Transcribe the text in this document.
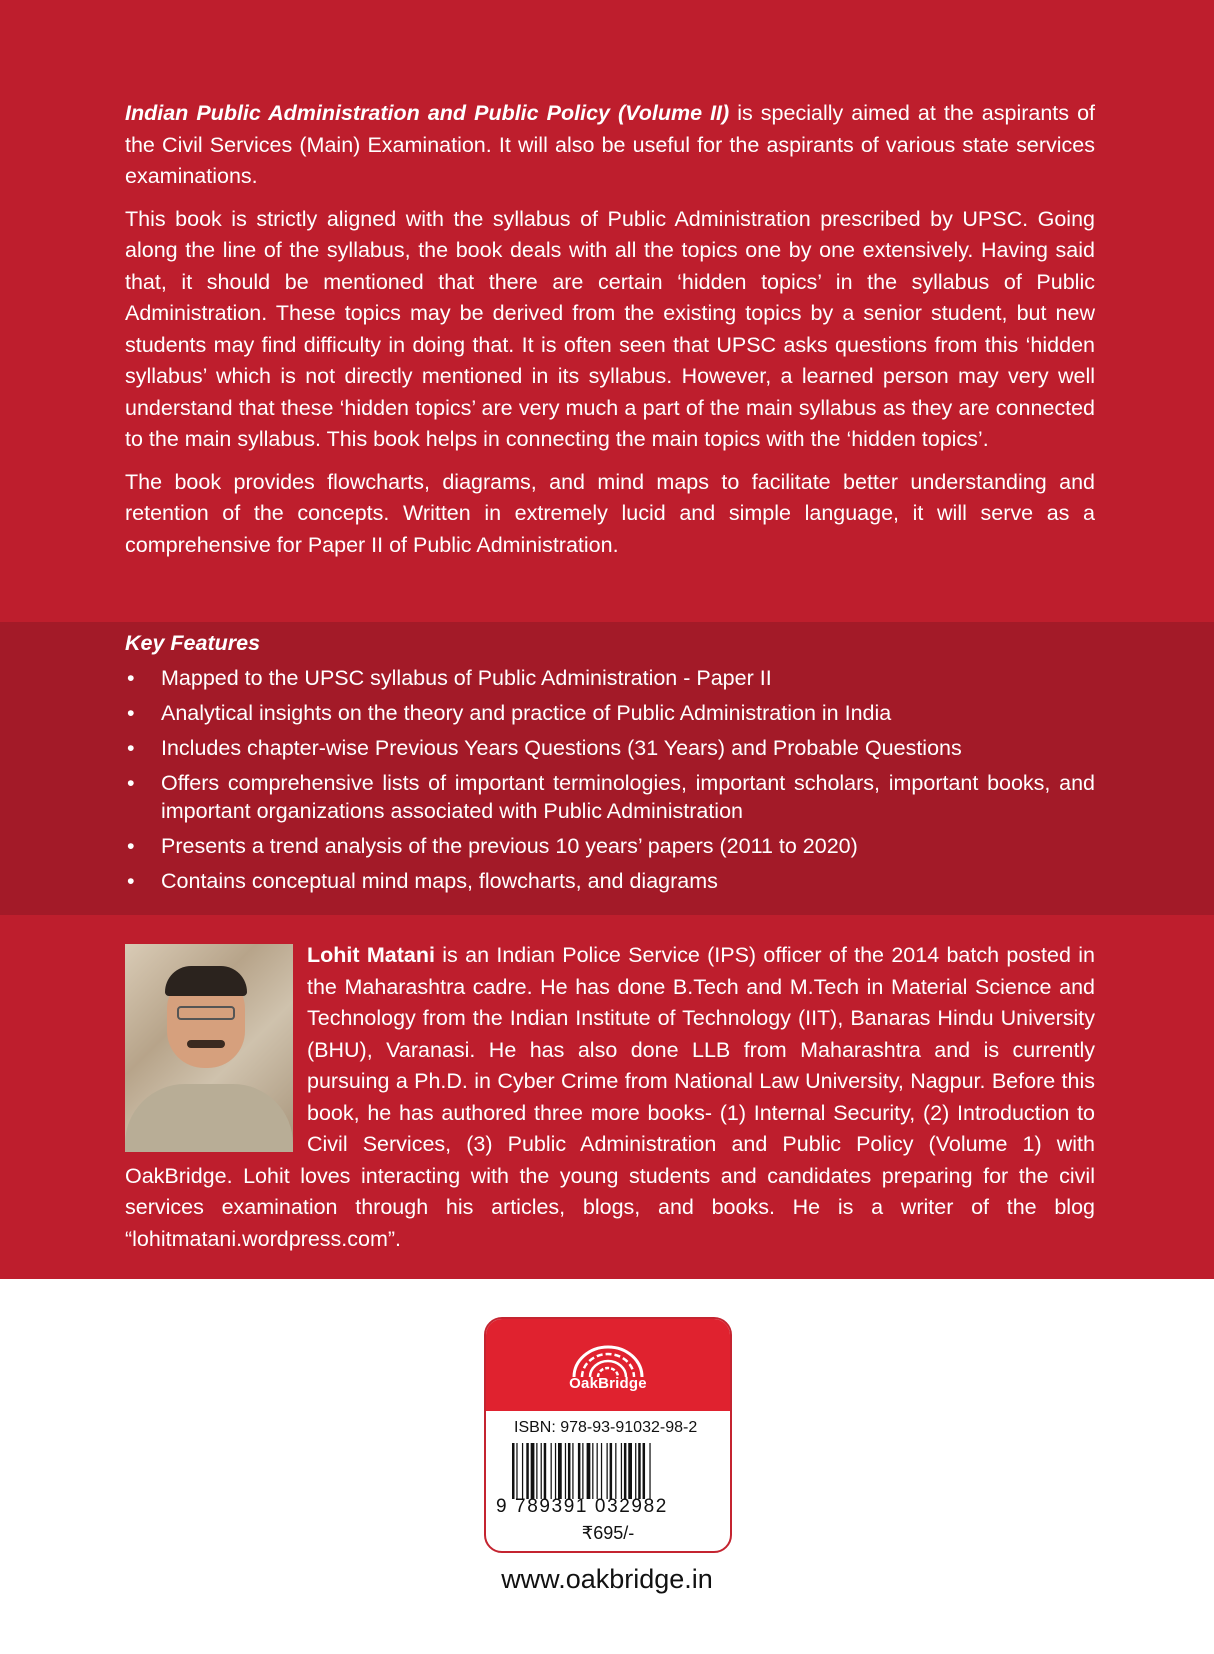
Indian Public Administration and Public Policy (Volume II) is specially aimed at the aspirants of the Civil Services (Main) Examination. It will also be useful for the aspirants of various state services examinations.

This book is strictly aligned with the syllabus of Public Administration prescribed by UPSC. Going along the line of the syllabus, the book deals with all the topics one by one extensively. Having said that, it should be mentioned that there are certain ‘hidden topics’ in the syllabus of Public Administration. These topics may be derived from the existing topics by a senior student, but new students may find difficulty in doing that. It is often seen that UPSC asks questions from this ‘hidden syllabus’ which is not directly mentioned in its syllabus. However, a learned person may very well understand that these ‘hidden topics’ are very much a part of the main syllabus as they are connected to the main syllabus. This book helps in connecting the main topics with the ‘hidden topics’.

The book provides flowcharts, diagrams, and mind maps to facilitate better understanding and retention of the concepts. Written in extremely lucid and simple language, it will serve as a comprehensive for Paper II of Public Administration.

Key Features
• Mapped to the UPSC syllabus of Public Administration - Paper II
• Analytical insights on the theory and practice of Public Administration in India
• Includes chapter-wise Previous Years Questions (31 Years) and Probable Questions
• Offers comprehensive lists of important terminologies, important scholars, important books, and important organizations associated with Public Administration
• Presents a trend analysis of the previous 10 years’ papers (2011 to 2020)
• Contains conceptual mind maps, flowcharts, and diagrams

Lohit Matani is an Indian Police Service (IPS) officer of the 2014 batch posted in the Maharashtra cadre. He has done B.Tech and M.Tech in Material Science and Technology from the Indian Institute of Technology (IIT), Banaras Hindu University (BHU), Varanasi. He has also done LLB from Maharashtra and is currently pursuing a Ph.D. in Cyber Crime from National Law University, Nagpur. Before this book, he has authored three more books- (1) Internal Security, (2) Introduction to Civil Services, (3) Public Administration and Public Policy (Volume 1) with OakBridge. Lohit loves interacting with the young students and candidates preparing for the civil services examination through his articles, blogs, and books. He is a writer of the blog “lohitmatani.wordpress.com”.

OakBridge
ISBN: 978-93-91032-98-2
9 789391 032982
₹695/-
www.oakbridge.in
